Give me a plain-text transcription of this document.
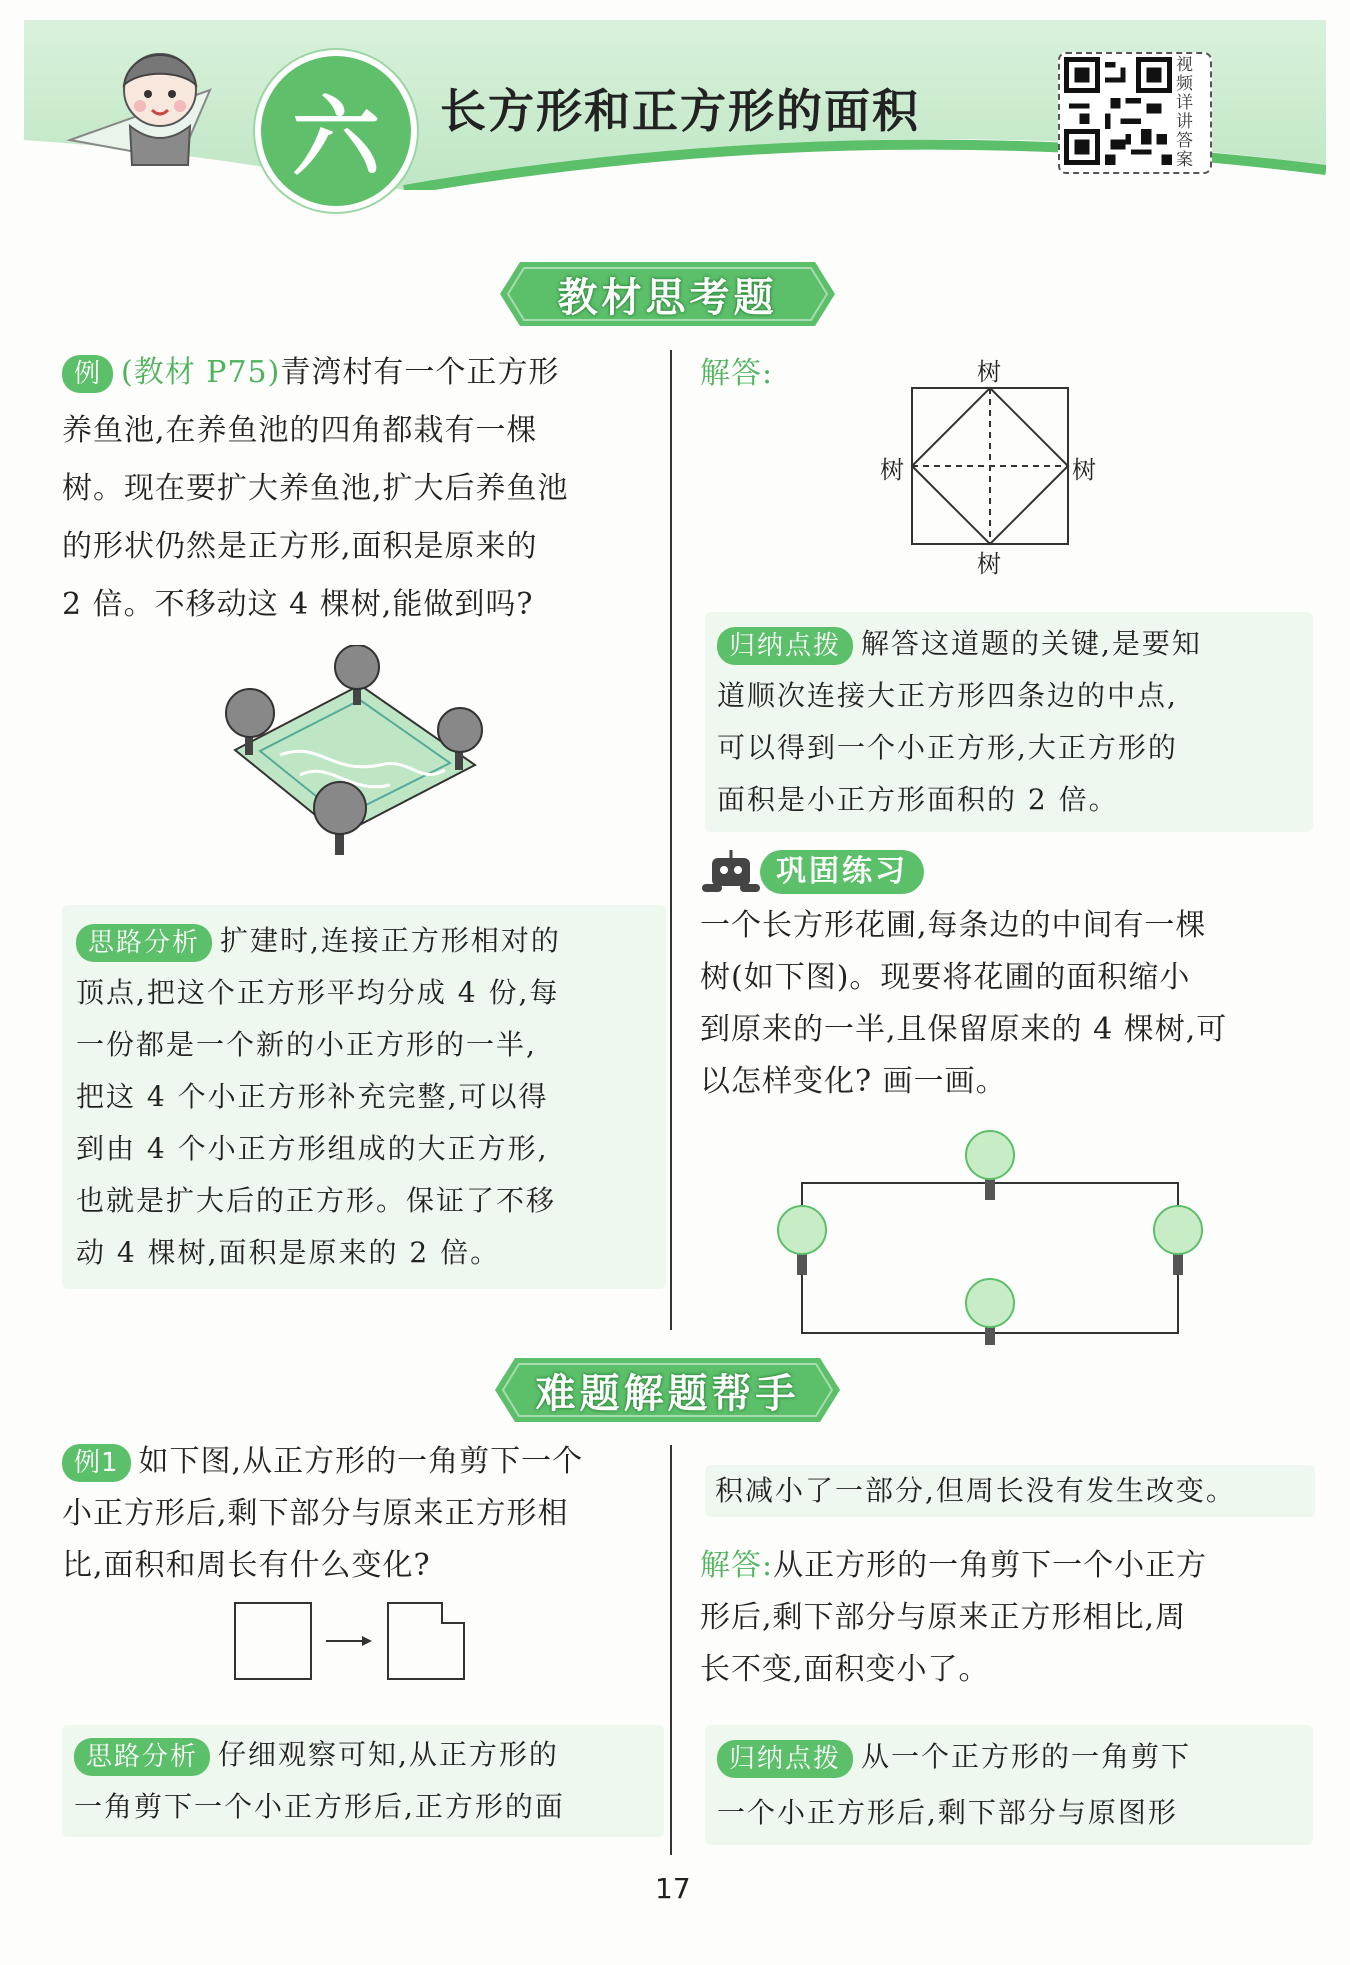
六 长方形和正方形的面积
视频详讲答案
教材思考题
例 (教材 P75)青湾村有一个正方形
养鱼池,在养鱼池的四角都栽有一棵
树。现在要扩大养鱼池,扩大后养鱼池
的形状仍然是正方形,面积是原来的
2 倍。不移动这 4 棵树,能做到吗?
思路分析 扩建时,连接正方形相对的
顶点,把这个正方形平均分成 4 份,每
一份都是一个新的小正方形的一半,
把这 4 个小正方形补充完整,可以得
到由 4 个小正方形组成的大正方形,
也就是扩大后的正方形。保证了不移
动 4 棵树,面积是原来的 2 倍。
解答:	树
树	树
树
归纳点拨 解答这道题的关键,是要知
道顺次连接大正方形四条边的中点,
可以得到一个小正方形,大正方形的
面积是小正方形面积的 2 倍。
巩固练习
一个长方形花圃,每条边的中间有一棵
树(如下图)。现要将花圃的面积缩小
到原来的一半,且保留原来的 4 棵树,可
以怎样变化? 画一画。
难题解题帮手
例1 如下图,从正方形的一角剪下一个
小正方形后,剩下部分与原来正方形相
比,面积和周长有什么变化?
思路分析 仔细观察可知,从正方形的
一角剪下一个小正方形后,正方形的面
积减小了一部分,但周长没有发生改变。
解答:从正方形的一角剪下一个小正方
形后,剩下部分与原来正方形相比,周
长不变,面积变小了。
归纳点拨 从一个正方形的一角剪下
一个小正方形后,剩下部分与原图形
17
